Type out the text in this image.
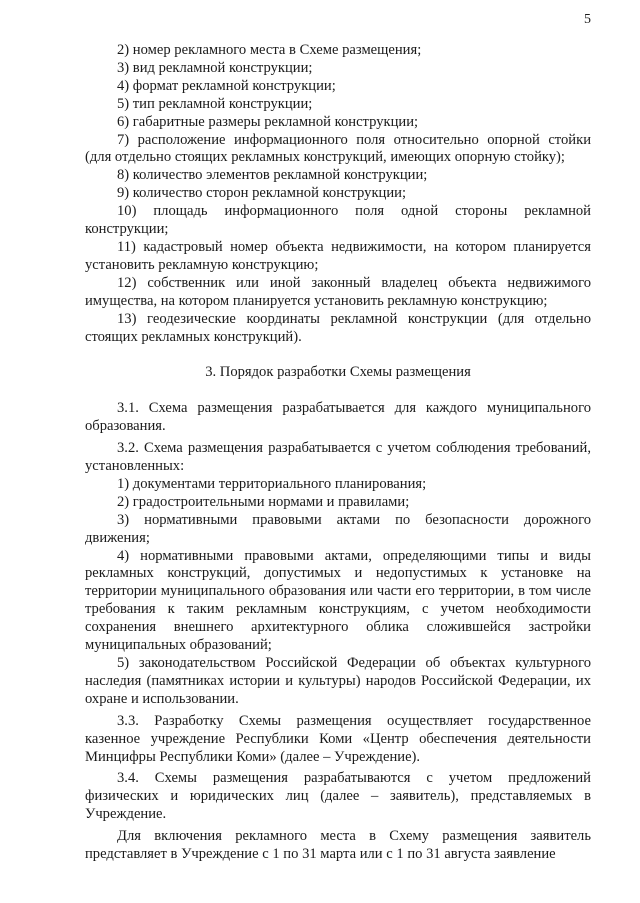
5

2) номер рекламного места в Схеме размещения;

3) вид рекламной конструкции;

4) формат рекламной конструкции;

5) тип рекламной конструкции;

6) габаритные размеры рекламной конструкции;

7) расположение информационного поля относительно опорной стойки (для отдельно стоящих рекламных конструкций, имеющих опорную стойку);

8) количество элементов рекламной конструкции;

9) количество сторон рекламной конструкции;

10) площадь информационного поля одной стороны рекламной конструкции;

11) кадастровый номер объекта недвижимости, на котором планируется установить рекламную конструкцию;

12) собственник или иной законный владелец объекта недвижимого имущества, на котором планируется установить рекламную конструкцию;

13) геодезические координаты рекламной конструкции (для отдельно стоящих рекламных конструкций).

3. Порядок разработки Схемы размещения

3.1. Схема размещения разрабатывается для каждого муниципального образования.

3.2. Схема размещения разрабатывается с учетом соблюдения требований, установленных:

1) документами территориального планирования;

2) градостроительными нормами и правилами;

3) нормативными правовыми актами по безопасности дорожного движения;

4) нормативными правовыми актами, определяющими типы и виды рекламных конструкций, допустимых и недопустимых к установке на территории муниципального образования или части его территории, в том числе требования к таким рекламным конструкциям, с учетом необходимости сохранения внешнего архитектурного облика сложившейся застройки муниципальных образований;

5) законодательством Российской Федерации об объектах культурного наследия (памятниках истории и культуры) народов Российской Федерации, их охране и использовании.

3.3. Разработку Схемы размещения осуществляет государственное казенное учреждение Республики Коми «Центр обеспечения деятельности Минцифры Республики Коми» (далее – Учреждение).

3.4. Схемы размещения разрабатываются с учетом предложений физических и юридических лиц (далее – заявитель), представляемых в Учреждение.

Для включения рекламного места в Схему размещения заявитель представляет в Учреждение с 1 по 31 марта или с 1 по 31 августа заявление
